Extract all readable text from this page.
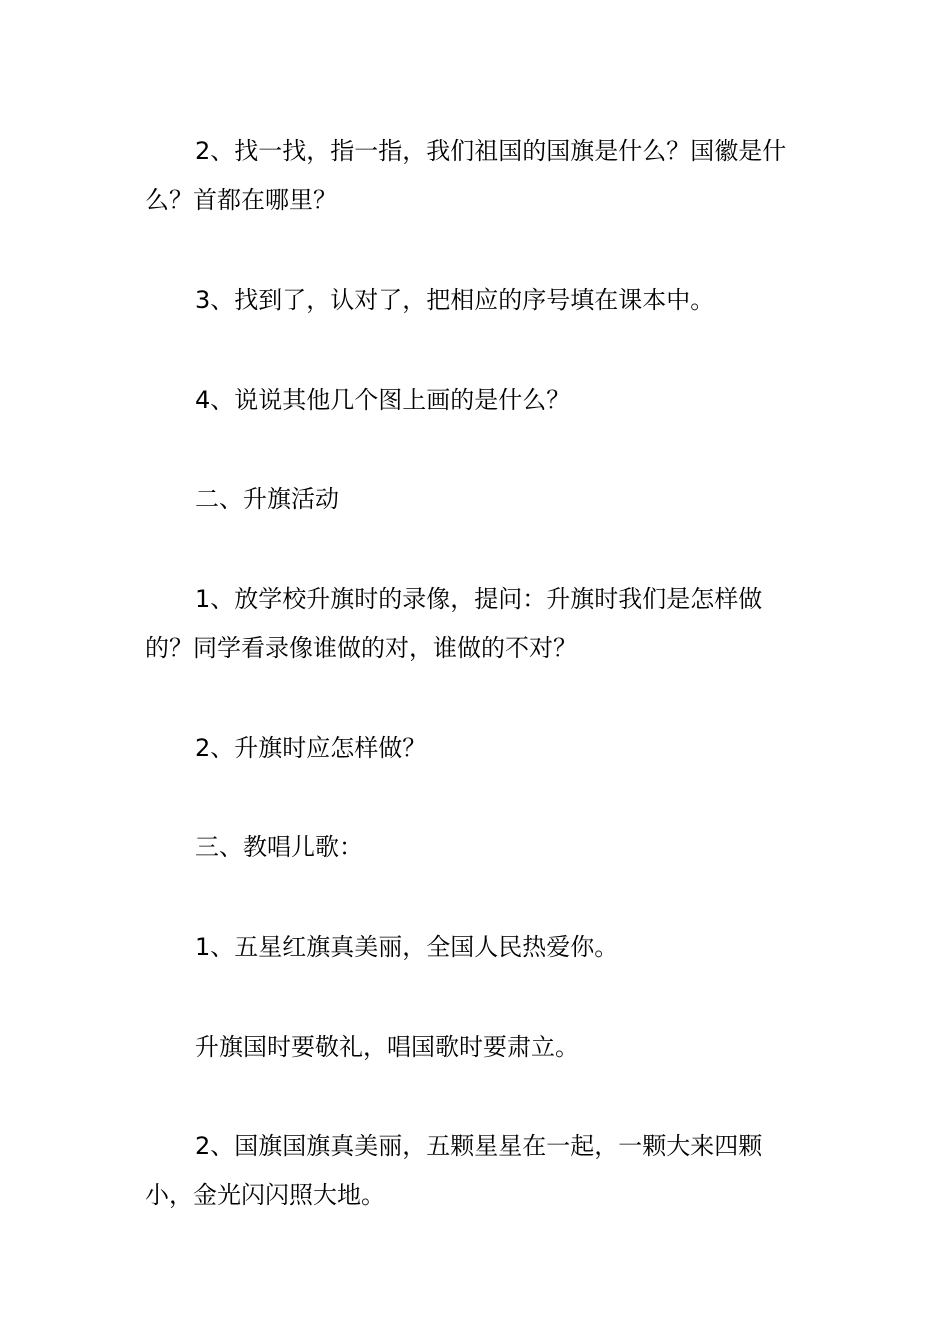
2、找一找，指一指，我们祖国的国旗是什么？国徽是什么？首都在哪里？

3、找到了，认对了，把相应的序号填在课本中。

4、说说其他几个图上画的是什么？

二、升旗活动

1、放学校升旗时的录像，提问：升旗时我们是怎样做的？同学看录像谁做的对，谁做的不对？

2、升旗时应怎样做？

三、教唱儿歌：

1、五星红旗真美丽，全国人民热爱你。

升旗国时要敬礼，唱国歌时要肃立。

2、国旗国旗真美丽，五颗星星在一起，一颗大来四颗小，金光闪闪照大地。
